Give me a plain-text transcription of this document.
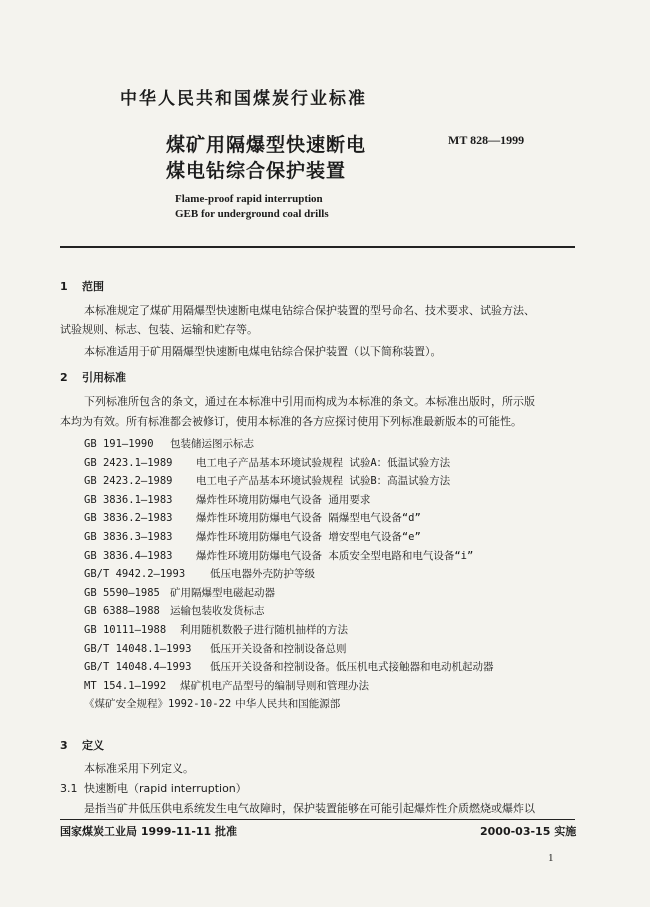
中华人民共和国煤炭行业标准
煤矿用隔爆型快速断电
煤电钻综合保护装置
MT 828—1999
Flame-proof rapid interruption
GEB for underground coal drills
1 范围
本标准规定了煤矿用隔爆型快速断电煤电钻综合保护装置的型号命名、技术要求、试验方法、
试验规则、标志、包装、运输和贮存等。
本标准适用于矿用隔爆型快速断电煤电钻综合保护装置（以下简称装置）。
2 引用标准
下列标准所包含的条文，通过在本标准中引用而构成为本标准的条文。本标准出版时，所示版
本均为有效。所有标准都会被修订，使用本标准的各方应探讨使用下列标准最新版本的可能性。
GB 191—1990 包装储运图示标志
GB 2423.1—1989 电工电子产品基本环境试验规程 试验A：低温试验方法
GB 2423.2—1989 电工电子产品基本环境试验规程 试验B：高温试验方法
GB 3836.1—1983 爆炸性环境用防爆电气设备 通用要求
GB 3836.2—1983 爆炸性环境用防爆电气设备 隔爆型电气设备“d”
GB 3836.3—1983 爆炸性环境用防爆电气设备 增安型电气设备“e”
GB 3836.4—1983 爆炸性环境用防爆电气设备 本质安全型电路和电气设备“i”
GB/T 4942.2—1993 低压电器外壳防护等级
GB 5590—1985 矿用隔爆型电磁起动器
GB 6388—1988 运输包装收发货标志
GB 10111—1988 利用随机数骰子进行随机抽样的方法
GB/T 14048.1—1993 低压开关设备和控制设备总则
GB/T 14048.4—1993 低压开关设备和控制设备。低压机电式接触器和电动机起动器
MT 154.1—1992 煤矿机电产品型号的编制导则和管理办法
《煤矿安全规程》1992-10-22 中华人民共和国能源部
3 定义
本标准采用下列定义。
3.1 快速断电（rapid interruption）
是指当矿井低压供电系统发生电气故障时，保护装置能够在可能引起爆炸性介质燃烧或爆炸以
国家煤炭工业局 1999-11-11 批准	2000-03-15 实施
1
